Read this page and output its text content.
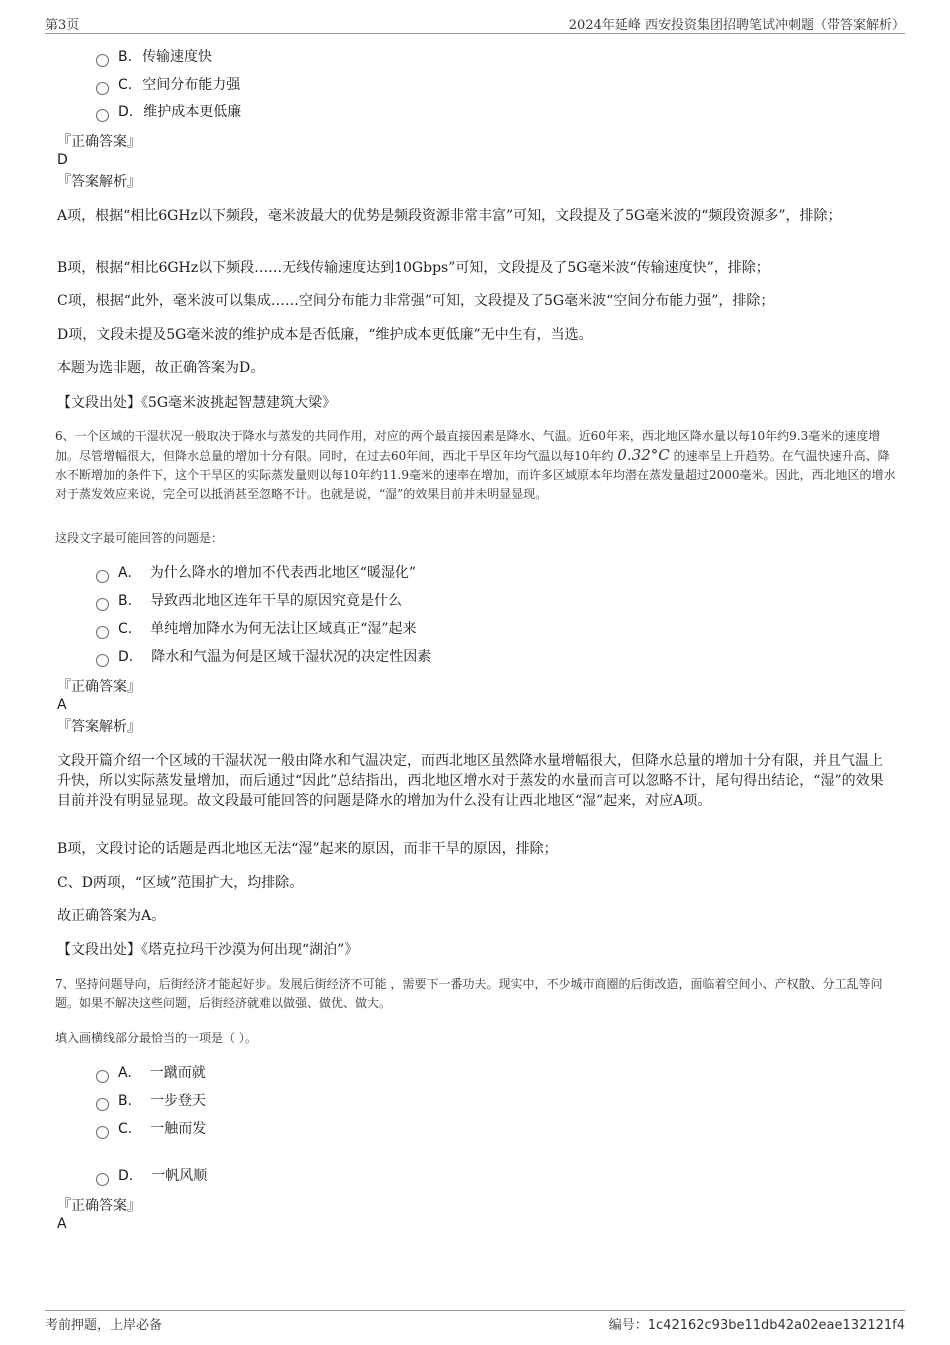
第3页	2024年延峰 西安投资集团招聘笔试冲刺题（带答案解析）
B. 传输速度快
C. 空间分布能力强
D. 维护成本更低廉
『正确答案』
D
『答案解析』
A项，根据“相比6GHz以下频段，毫米波最大的优势是频段资源非常丰富”可知，文段提及了5G毫米波的“频段资源多”，排除；
B项，根据“相比6GHz以下频段……无线传输速度达到10Gbps”可知，文段提及了5G毫米波“传输速度快”，排除；
C项，根据“此外，毫米波可以集成……空间分布能力非常强”可知，文段提及了5G毫米波“空间分布能力强”，排除；
D项，文段未提及5G毫米波的维护成本是否低廉，“维护成本更低廉”无中生有，当选。
本题为选非题，故正确答案为D。
【文段出处】《5G毫米波挑起智慧建筑大梁》
6、一个区域的干湿状况一般取决于降水与蒸发的共同作用，对应的两个最直接因素是降水、气温。近60年来，西北地区降水量以每10年约9.3毫米的速度增加。尽管增幅很大，但降水总量的增加十分有限。同时，在过去60年间，西北干旱区年均气温以每10年约 0.32°C 的速率呈上升趋势。在气温快速升高、降水不断增加的条件下，这个干旱区的实际蒸发量则以每10年约11.9毫米的速率在增加，而许多区域原本年均潜在蒸发量超过2000毫米。因此，西北地区的增水对于蒸发效应来说，完全可以抵消甚至忽略不计。也就是说，“湿”的效果目前并未明显显现。
这段文字最可能回答的问题是：
A. 为什么降水的增加不代表西北地区“暖湿化”
B. 导致西北地区连年干旱的原因究竟是什么
C. 单纯增加降水为何无法让区域真正“湿”起来
D. 降水和气温为何是区域干湿状况的决定性因素
『正确答案』
A
『答案解析』
文段开篇介绍一个区域的干湿状况一般由降水和气温决定，而西北地区虽然降水量增幅很大，但降水总量的增加十分有限，并且气温上升快，所以实际蒸发量增加，而后通过“因此”总结指出，西北地区增水对于蒸发的水量而言可以忽略不计，尾句得出结论，“湿”的效果目前并没有明显显现。故文段最可能回答的问题是降水的增加为什么没有让西北地区“湿”起来，对应A项。
B项，文段讨论的话题是西北地区无法“湿”起来的原因，而非干旱的原因，排除；
C、D两项，“区域”范围扩大，均排除。
故正确答案为A。
【文段出处】《塔克拉玛干沙漠为何出现“湖泊”》
7、坚持问题导向，后街经济才能起好步。发展后街经济不可能 ，需要下一番功夫。现实中，不少城市商圈的后街改造，面临着空间小、产权散、分工乱等问题。如果不解决这些问题，后街经济就难以做强、做优、做大。
填入画横线部分最恰当的一项是（ ）。
A. 一蹴而就
B. 一步登天
C. 一触而发
D. 一帆风顺
『正确答案』
A
考前押题，上岸必备	编号：1c42162c93be11db42a02eae132121f4
